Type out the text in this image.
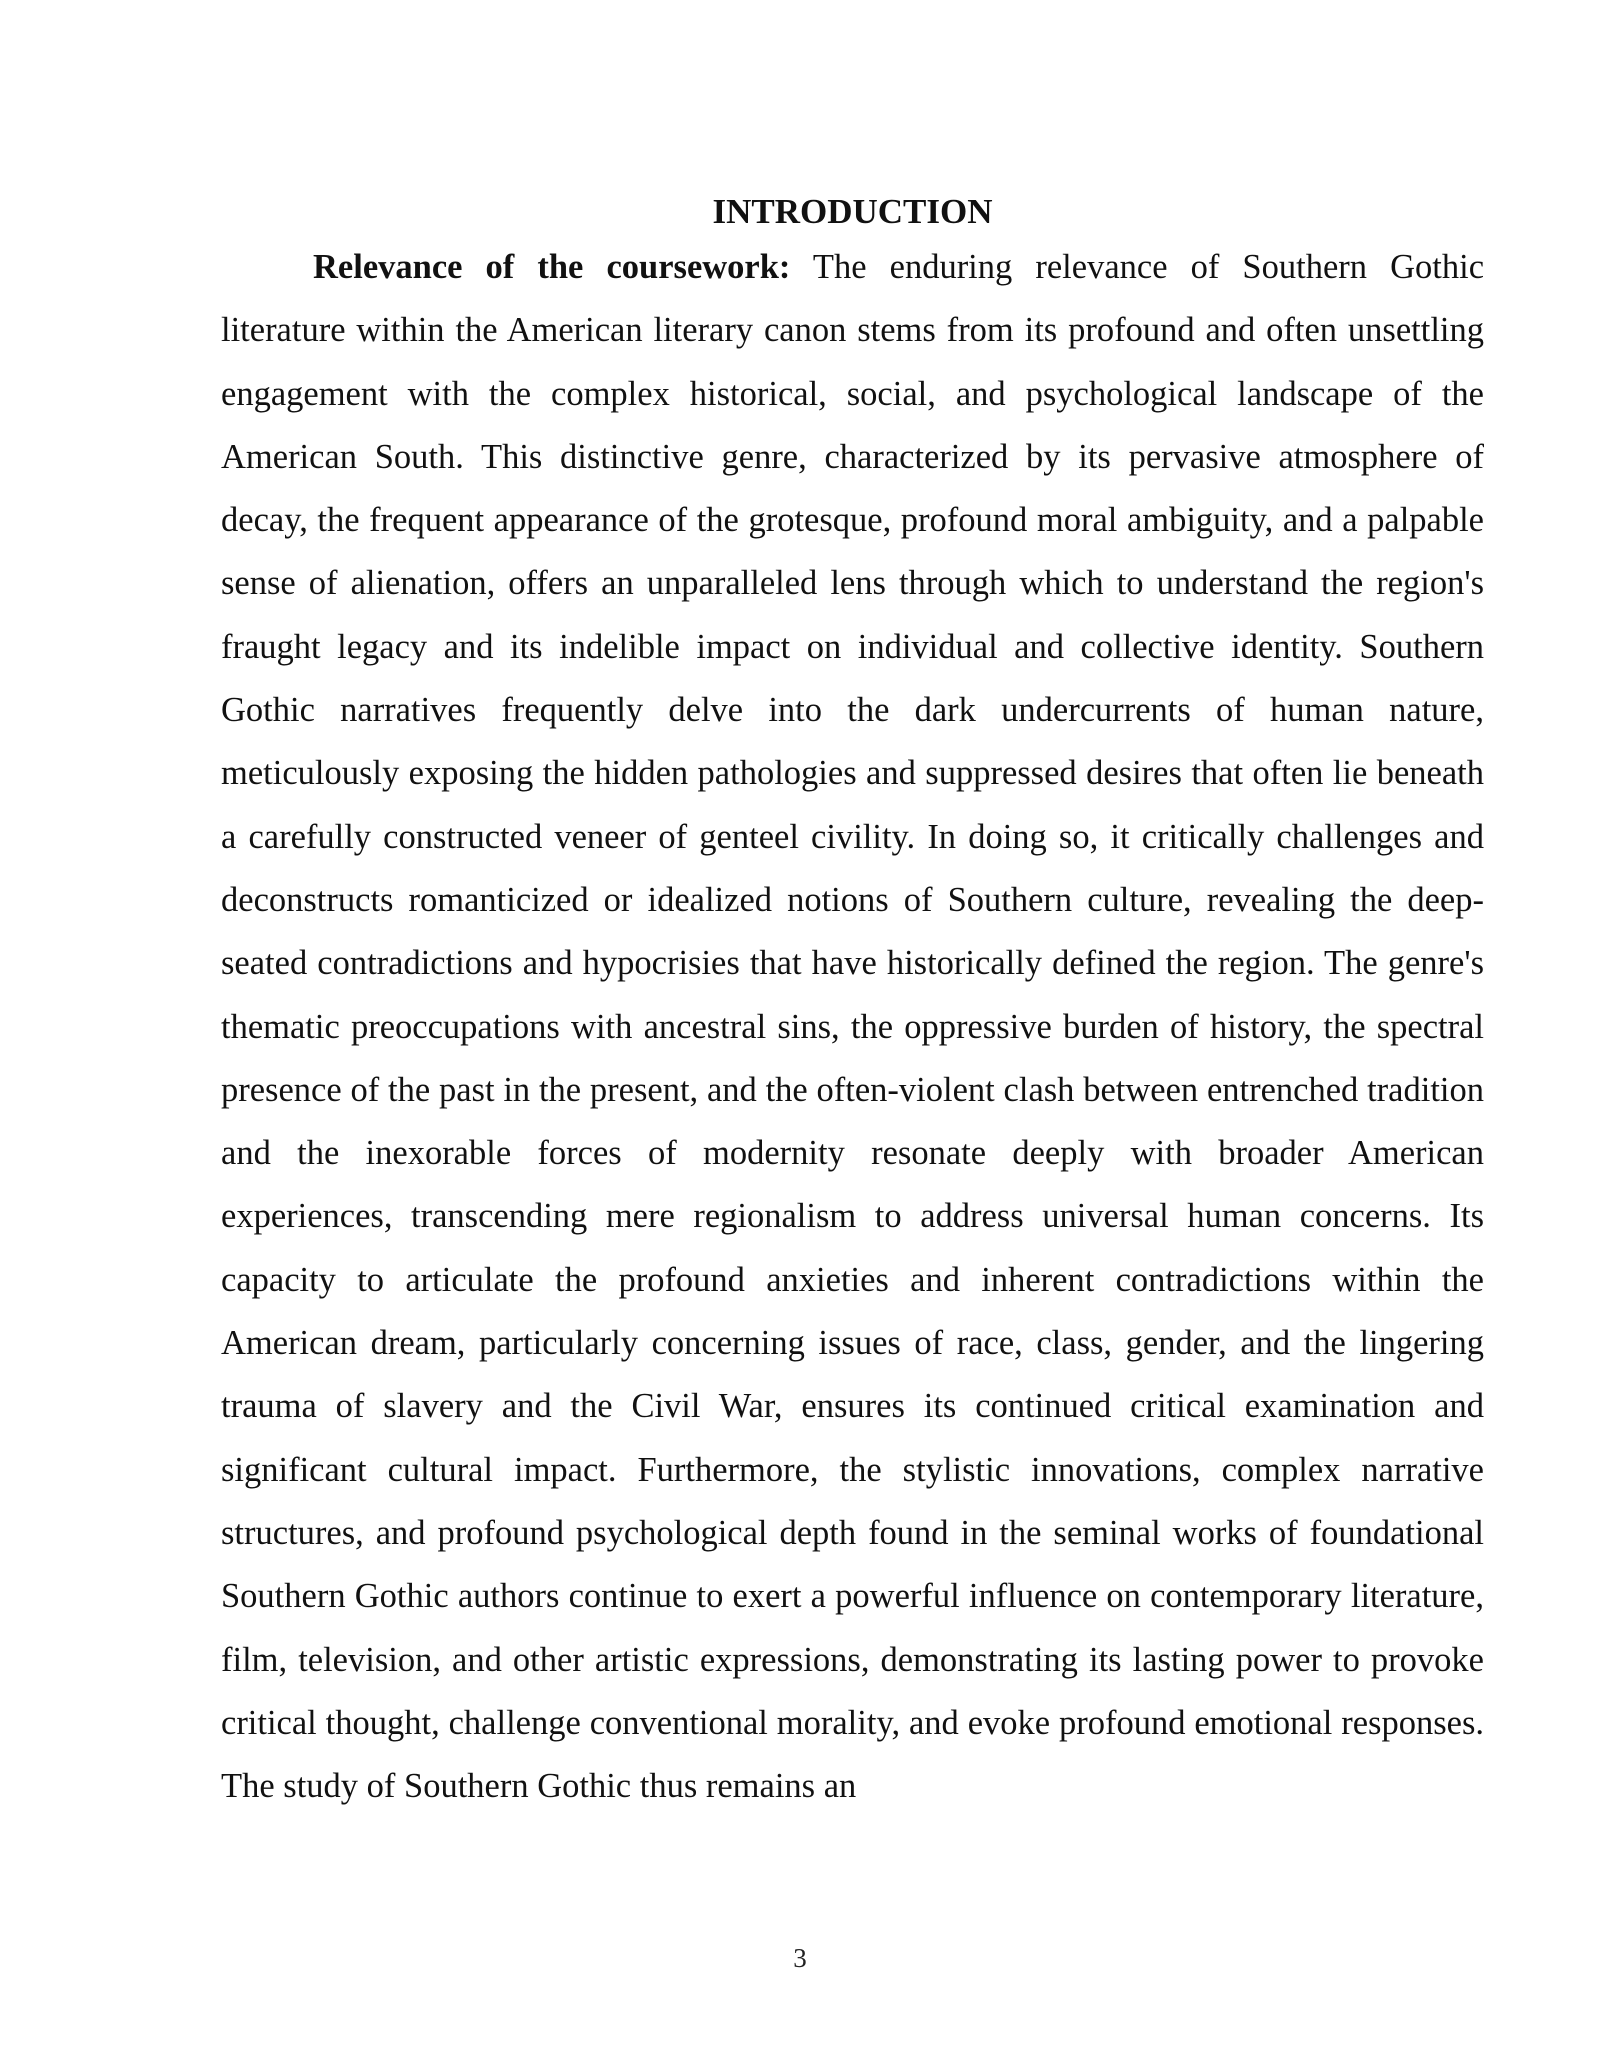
INTRODUCTION

Relevance of the coursework: The enduring relevance of Southern Gothic literature within the American literary canon stems from its profound and often unsettling engagement with the complex historical, social, and psychological landscape of the American South. This distinctive genre, characterized by its pervasive atmosphere of decay, the frequent appearance of the grotesque, profound moral ambiguity, and a palpable sense of alienation, offers an unparalleled lens through which to understand the region's fraught legacy and its indelible impact on individual and collective identity. Southern Gothic narratives frequently delve into the dark undercurrents of human nature, meticulously exposing the hidden pathologies and suppressed desires that often lie beneath a carefully constructed veneer of genteel civility. In doing so, it critically challenges and deconstructs romanticized or idealized notions of Southern culture, revealing the deep-seated contradictions and hypocrisies that have historically defined the region. The genre's thematic preoccupations with ancestral sins, the oppressive burden of history, the spectral presence of the past in the present, and the often-violent clash between entrenched tradition and the inexorable forces of modernity resonate deeply with broader American experiences, transcending mere regionalism to address universal human concerns. Its capacity to articulate the profound anxieties and inherent contradictions within the American dream, particularly concerning issues of race, class, gender, and the lingering trauma of slavery and the Civil War, ensures its continued critical examination and significant cultural impact. Furthermore, the stylistic innovations, complex narrative structures, and profound psychological depth found in the seminal works of foundational Southern Gothic authors continue to exert a powerful influence on contemporary literature, film, television, and other artistic expressions, demonstrating its lasting power to provoke critical thought, challenge conventional morality, and evoke profound emotional responses. The study of Southern Gothic thus remains an

3
